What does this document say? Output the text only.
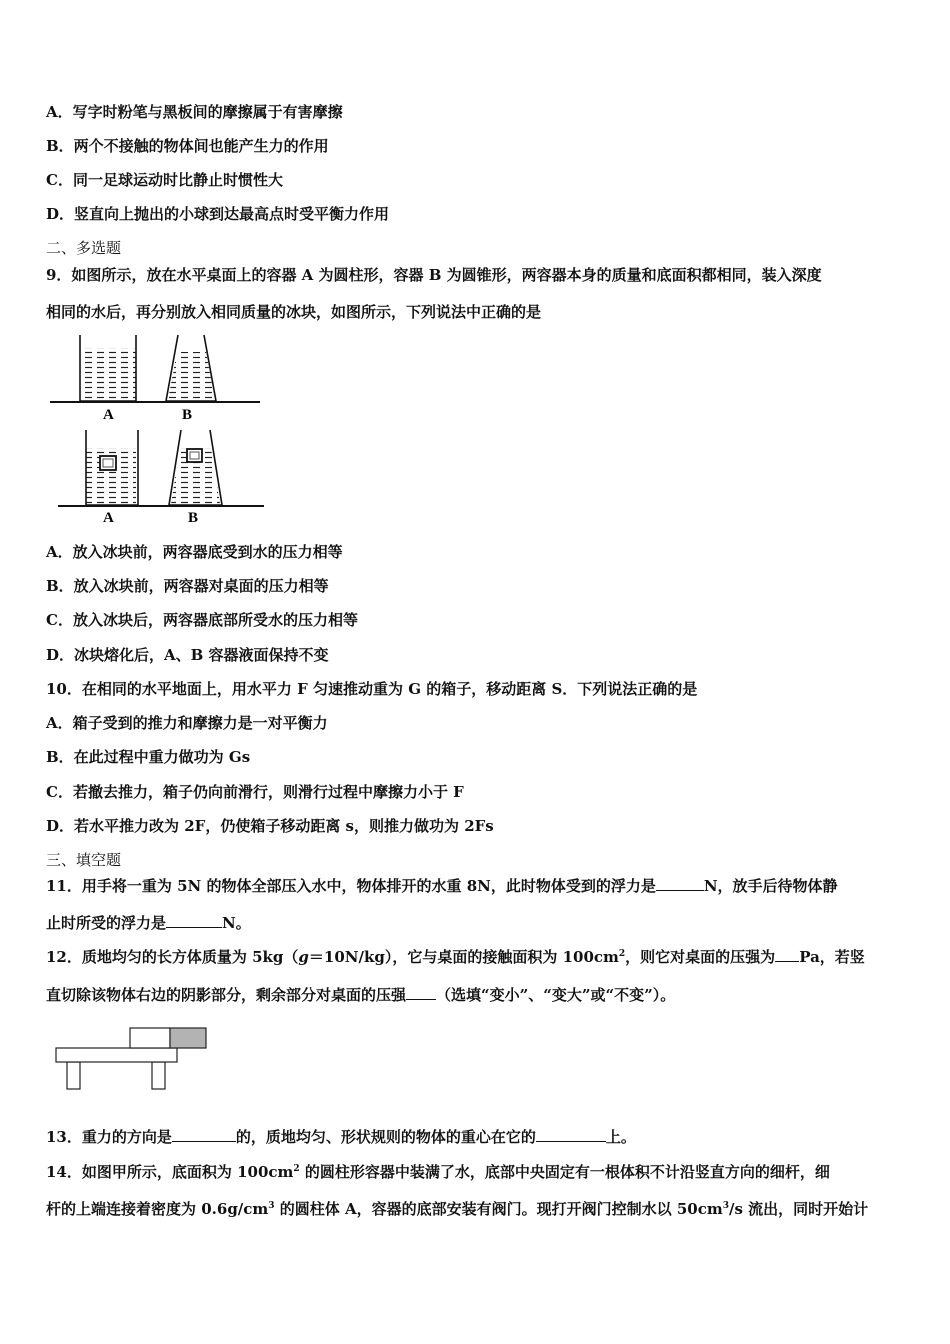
A．写字时粉笔与黑板间的摩擦属于有害摩擦
B．两个不接触的物体间也能产生力的作用
C．同一足球运动时比静止时惯性大
D．竖直向上抛出的小球到达最高点时受平衡力作用
二、多选题
9．如图所示，放在水平桌面上的容器 A 为圆柱形，容器 B 为圆锥形，两容器本身的质量和底面积都相同，装入深度
相同的水后，再分别放入相同质量的冰块，如图所示，下列说法中正确的是
A	B
A	B
A．放入冰块前，两容器底受到水的压力相等
B．放入冰块前，两容器对桌面的压力相等
C．放入冰块后，两容器底部所受水的压力相等
D．冰块熔化后，A、B 容器液面保持不变
10．在相同的水平地面上，用水平力 F 匀速推动重为 G 的箱子，移动距离 S．下列说法正确的是
A．箱子受到的推力和摩擦力是一对平衡力
B．在此过程中重力做功为 Gs
C．若撤去推力，箱子仍向前滑行，则滑行过程中摩擦力小于 F
D．若水平推力改为 2F，仍使箱子移动距离 s，则推力做功为 2Fs
三、填空题
11．用手将一重为 5N 的物体全部压入水中，物体排开的水重 8N，此时物体受到的浮力是	N，放手后待物体静
止时所受的浮力是	N。
12．质地均匀的长方体质量为 5kg（g＝10N/kg），它与桌面的接触面积为 $100cm^2$，则它对桌面的压强为 Pa，若竖
直切除该物体右边的阴影部分，剩余部分对桌面的压强 （选填“变小”、“变大”或“不变”）。
13．重力的方向是	的，质地均匀、形状规则的物体的重心在它的	上。
14．如图甲所示，底面积为 $100cm^2$ 的圆柱形容器中装满了水，底部中央固定有一根体积不计沿竖直方向的细杆，细
杆的上端连接着密度为 $0.6g/cm^3$ 的圆柱体 A，容器的底部安装有阀门。现打开阀门控制水以 $50cm^3/s$ 流出，同时开始计
